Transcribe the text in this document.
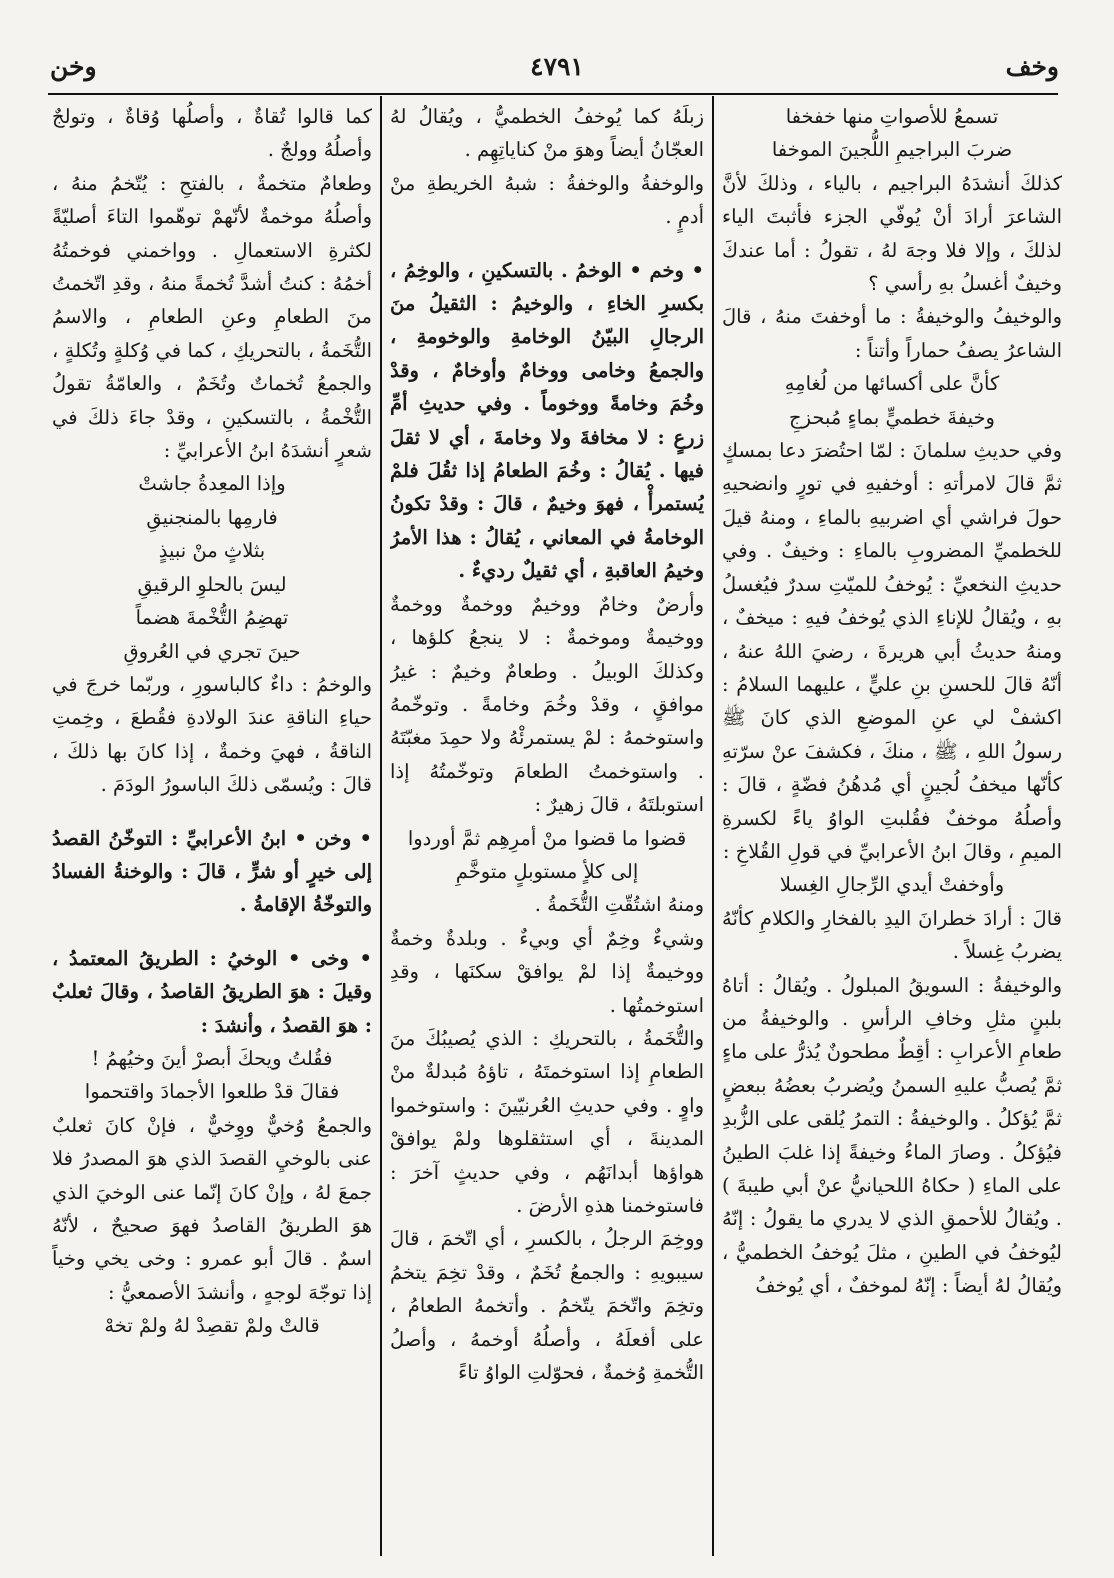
وخف
٤٧٩١
وخن

تسمعُ للأصواتِ منها خفخفا

ضربَ البراجيمِ اللُّجينَ الموخفا

كذلكَ أنشدَهُ البراجيم ، بالياء ، وذلكَ لأنَّ الشاعرَ أرادَ أنْ يُوفّي الجزء فأثبتَ الياء لذلكَ ، وإلا فلا وجهَ لهُ ، تقولُ : أما عندكَ وخيفٌ أغسلُ بهِ رأسي ؟

والوخيفُ والوخيفةُ : ما أوخفتَ منهُ ، قالَ الشاعرُ يصفُ حماراً وأتناً :

كأنَّ على أكسائها من لُغامِهِ

وخيفةَ خطميٍّ بماءٍ مُبحزجِ

وفي حديثِ سلمانَ : لمّا احتُضرَ دعا بمسكٍ ثمَّ قالَ لامرأتهِ : أوخفيهِ في تورٍ وانضحيهِ حولَ فراشي أي اضربيهِ بالماءِ ، ومنهُ قيلَ للخطميِّ المضروبِ بالماءِ : وخيفٌ . وفي حديثِ النخعيِّ : يُوخفُ للميّتِ سدرٌ فيُغسلُ بهِ ، ويُقالُ للإناءِ الذي يُوخفُ فيهِ : ميخفٌ ، ومنهُ حديثُ أبي هريرةَ ، رضيَ اللهُ عنهُ ، أنّهُ قالَ للحسنِ بنِ عليٍّ ، عليهما السلامُ : اكشفْ لي عنِ الموضعِ الذي كانَ ﷺ رسولُ اللهِ ، ﷺ ، منكَ ، فكشفَ عنْ سرّتهِ كأنّها ميخفُ لُجينٍ أي مُدهُنُ فضّةٍ ، قالَ : وأصلُهُ موخفٌ فقُلبتِ الواوُ ياءً لكسرةِ الميمِ ، وقالَ ابنُ الأعرابيِّ في قولِ القُلاخِ :

وأوخفتْ أيدي الرِّجالِ الغِسلا

قالَ : أرادَ خطرانَ اليدِ بالفخارِ والكلامِ كأنّهُ يضربُ غِسلاً .

والوخيفةُ : السويقُ المبلولُ . ويُقالُ : أتاهُ بلبنٍ مثلِ وخافِ الرأسِ . والوخيفةُ من طعامِ الأعرابِ : أقِطٌ مطحونٌ يُذرُّ على ماءٍ ثمَّ يُصبُّ عليهِ السمنُ ويُضربُ بعضُهُ ببعضٍ ثمَّ يُؤكلُ . والوخيفةُ : التمرُ يُلقى على الزُّبدِ فيُؤكلُ . وصارَ الماءُ وخيفةً إذا غلبَ الطينُ على الماءِ ( حكاهُ اللحيانيُّ عنْ أبي طيبةَ ) . ويُقالُ للأحمقِ الذي لا يدري ما يقولُ : إنّهُ ليُوخفُ في الطينِ ، مثلَ يُوخفُ الخطميُّ ، ويُقالُ لهُ أيضاً : إنّهُ لموخفٌ ، أي يُوخفُ

زبلَهُ كما يُوخفُ الخطميُّ ، ويُقالُ لهُ العجّانُ أيضاً وهوَ منْ كناياتِهِم .

والوخفةُ والوخفةُ : شبهُ الخريطةِ منْ أدمٍ .

• وخم • الوخمُ . بالتسكينِ ، والوخِمُ ، بكسرِ الخاءِ ، والوخيمُ : الثقيلُ منَ الرجالِ البيّنُ الوخامةِ والوخومةِ ، والجمعُ وخامى ووخامٌ وأوخامٌ ، وقدْ وخُمَ وخامةً ووخوماً . وفي حديثِ أمِّ زرعٍ : لا مخافةَ ولا وخامةَ ، أي لا ثقلَ فيها . يُقالُ : وخُمَ الطعامُ إذا ثقُلَ فلمْ يُستمرأْ ، فهوَ وخيمٌ ، قالَ : وقدْ تكونُ الوخامةُ في المعاني ، يُقالُ : هذا الأمرُ وخيمُ العاقبةِ ، أي ثقيلٌ رديءٌ .

وأرضٌ وخامٌ ووخيمٌ ووخمةٌ ووخمةٌ ووخيمةٌ وموخمةٌ : لا ينجعُ كلؤها ، وكذلكَ الوبيلُ . وطعامٌ وخيمٌ : غيرُ موافقٍ ، وقدْ وخُمَ وخامةً . وتوخّمهُ واستوخمهُ : لمْ يستمرئْهُ ولا حمِدَ مغبّتَهُ . واستوخمتُ الطعامَ وتوخّمتُهُ إذا استوبلتَهُ ، قالَ زهيرٌ :

قضوا ما قضوا منْ أمرِهِم ثمَّ أوردوا

إلى كلأٍ مستوبلٍ متوخَّمِ

ومنهُ اشتُقّتِ التُّخَمةُ .

وشيءٌ وخِمٌ أي وبيءٌ . وبلدةٌ وخمةٌ ووخيمةٌ إذا لمْ يوافقْ سكنَها ، وقدِ استوخمتُها .

والتُّخَمةُ ، بالتحريكِ : الذي يُصيبُكَ منَ الطعامِ إذا استوخمتَهُ ، تاؤهُ مُبدلةٌ منْ واوٍ . وفي حديثِ العُرنيّينَ : واستوخموا المدينةَ ، أي استثقلوها ولمْ يوافقْ هواؤها أبدانَهُم ، وفي حديثٍ آخرَ : فاستوخمنا هذهِ الأرضَ .

ووخِمَ الرجلُ ، بالكسرِ ، أي اتّخمَ ، قالَ سيبويهِ : والجمعُ تُخَمٌ ، وقدْ تخِمَ يتخمُ وتخِمَ واتّخمَ يتّخمُ . وأتخمهُ الطعامُ ، على أفعلَهُ ، وأصلُهُ أوخمهُ ، وأصلُ التُّخمةِ وُخمةٌ ، فحوّلتِ الواوُ تاءً

كما قالوا تُقاةٌ ، وأصلُها وُقاةٌ ، وتولجٌ وأصلُهُ وولجٌ .

وطعامٌ متخمةٌ ، بالفتحِ : يُتّخمُ منهُ ، وأصلُهُ موخمةٌ لأنّهمْ توهّموا التاءَ أصليّةً لكثرةِ الاستعمالِ . وواخمني فوخمتُهُ أخمُهُ : كنتُ أشدَّ تُخمةً منهُ ، وقدِ اتّخمتُ منَ الطعامِ وعنِ الطعامِ ، والاسمُ التُّخَمةُ ، بالتحريكِ ، كما في وُكلةٍ وتُكلةٍ ، والجمعُ تُخماتٌ وتُخَمٌ ، والعامّةُ تقولُ التُّخْمةُ ، بالتسكينِ ، وقدْ جاءَ ذلكَ في شعرٍ أنشدَهُ ابنُ الأعرابيِّ :

وإذا المعِدةُ جاشتْ

فارمِها بالمنجنيقِ

بثلاثٍ منْ نبيذٍ

ليسَ بالحلوِ الرقيقِ

تهضِمُ التُّخْمةَ هضماً

حينَ تجري في العُروقِ

والوخمُ : داءٌ كالباسورِ ، وربّما خرجَ في حياءِ الناقةِ عندَ الولادةِ فقُطعَ ، وخِمتِ الناقةُ ، فهيَ وخمةٌ ، إذا كانَ بها ذلكَ ، قالَ : ويُسمّى ذلكَ الباسورُ الودَمَ .

• وخن • ابنُ الأعرابيِّ : التوخّنُ القصدُ إلى خيرٍ أو شرٍّ ، قالَ : والوخنةُ الفسادُ والتوخّةُ الإقامةُ .

• وخى • الوخيُ : الطريقُ المعتمدُ ، وقيلَ : هوَ الطريقُ القاصدُ ، وقالَ ثعلبٌ : هوَ القصدُ ، وأنشدَ :

فقُلتُ ويحكَ أبصرْ أينَ وخيُهمُ !

فقالَ قدْ طلعوا الأجمادَ واقتحموا

والجمعُ وُخيٌّ ووِخيٌّ ، فإنْ كانَ ثعلبٌ عنى بالوخيِ القصدَ الذي هوَ المصدرُ فلا جمعَ لهُ ، وإنْ كانَ إنّما عنى الوخيَ الذي هوَ الطريقُ القاصدُ فهوَ صحيحٌ ، لأنّهُ اسمٌ . قالَ أبو عمرو : وخى يخي وخياً إذا توجّهَ لوجهٍ ، وأنشدَ الأصمعيُّ :

قالتْ ولمْ تقصِدْ لهُ ولمْ تخهْ
